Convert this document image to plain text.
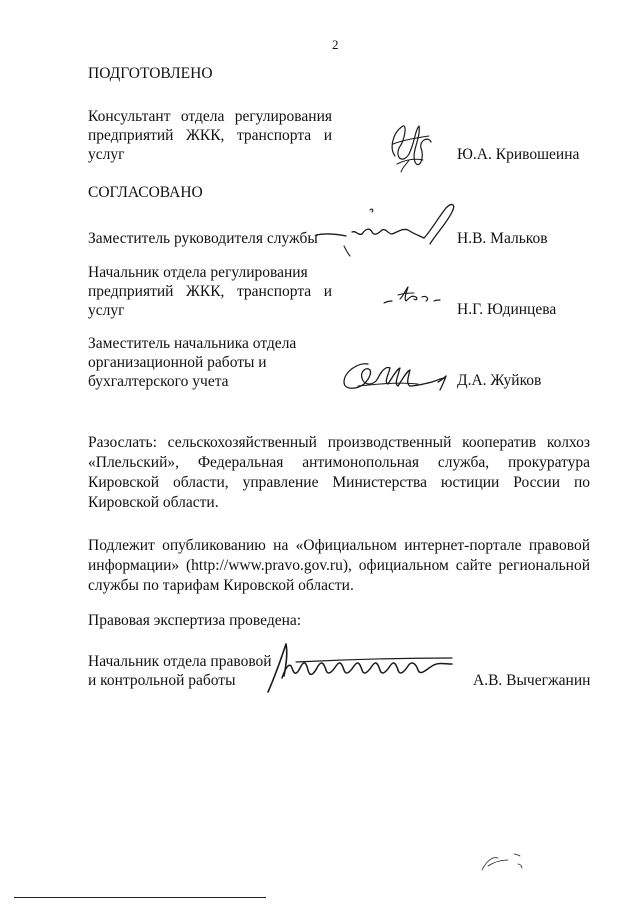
2
ПОДГОТОВЛЕНО
Консультант отдела регулирования
предприятий ЖКК, транспорта и
услуг	Ю.А. Кривошеина
СОГЛАСОВАНО
Заместитель руководителя службы	Н.В. Мальков
Начальник отдела регулирования
предприятий ЖКК, транспорта и
услуг	Н.Г. Юдинцева
Заместитель начальника отдела
организационной работы и
бухгалтерского учета	Д.А. Жуйков
Разослать: сельскохозяйственный производственный кооператив колхоз
«Плельский», Федеральная антимонопольная служба, прокуратура
Кировской области, управление Министерства юстиции России по
Кировской области.
Подлежит опубликованию на «Официальном интернет-портале правовой
информации» (http://www.pravo.gov.ru), официальном сайте региональной
службы по тарифам Кировской области.
Правовая экспертиза проведена:
Начальник отдела правовой
и контрольной работы	А.В. Вычегжанин
